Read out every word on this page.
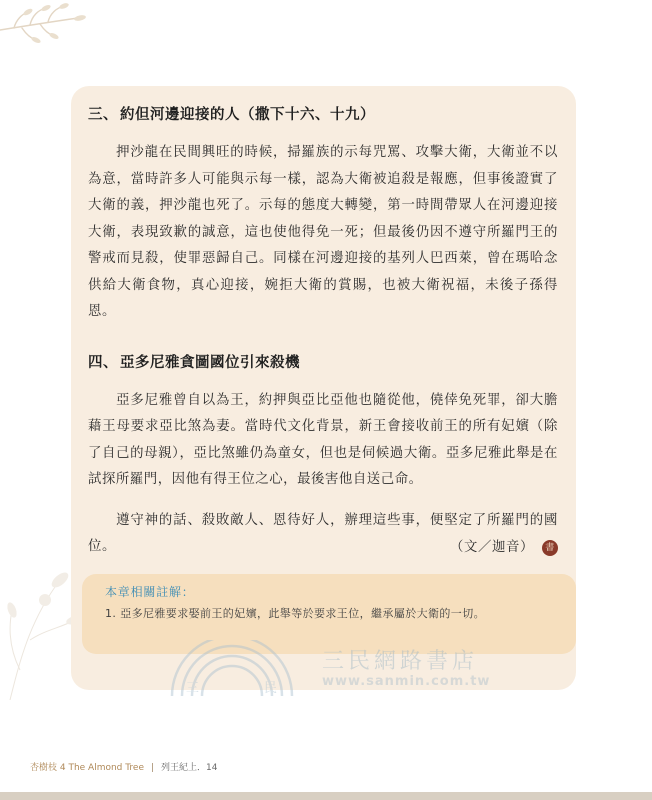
三、 約但河邊迎接的人（撒下十六、十九）

押沙龍在民間興旺的時候，掃羅族的示每咒罵、攻擊大衛，大衛並不以為意，當時許多人可能與示每一樣，認為大衛被追殺是報應，但事後證實了大衛的義，押沙龍也死了。示每的態度大轉變，第一時間帶眾人在河邊迎接大衛，表現致歉的誠意，這也使他得免一死；但最後仍因不遵守所羅門王的警戒而見殺，使罪惡歸自己。同樣在河邊迎接的基列人巴西萊，曾在瑪哈念供給大衛食物，真心迎接，婉拒大衛的賞賜，也被大衛祝福，未後子孫得恩。

四、 亞多尼雅貪圖國位引來殺機

亞多尼雅曾自以為王，約押與亞比亞他也隨從他，僥倖免死罪，卻大膽藉王母要求亞比煞為妻。當時代文化背景，新王會接收前王的所有妃嬪（除了自己的母親），亞比煞雖仍為童女，但也是伺候過大衛。亞多尼雅此舉是在試探所羅門，因他有得王位之心，最後害他自送己命。

遵守神的話、殺敗敵人、恩待好人，辦理這些事，便堅定了所羅門的國位。	（文／迦音）	書
本章相關註解：
1. 亞多尼雅要求娶前王的妃嬪，此舉等於要求王位，繼承屬於大衛的一切。
三	民
三民網路書店
www.sanmin.com.tw
杏樹枝 4 The Almond Tree 列王紀上．14
